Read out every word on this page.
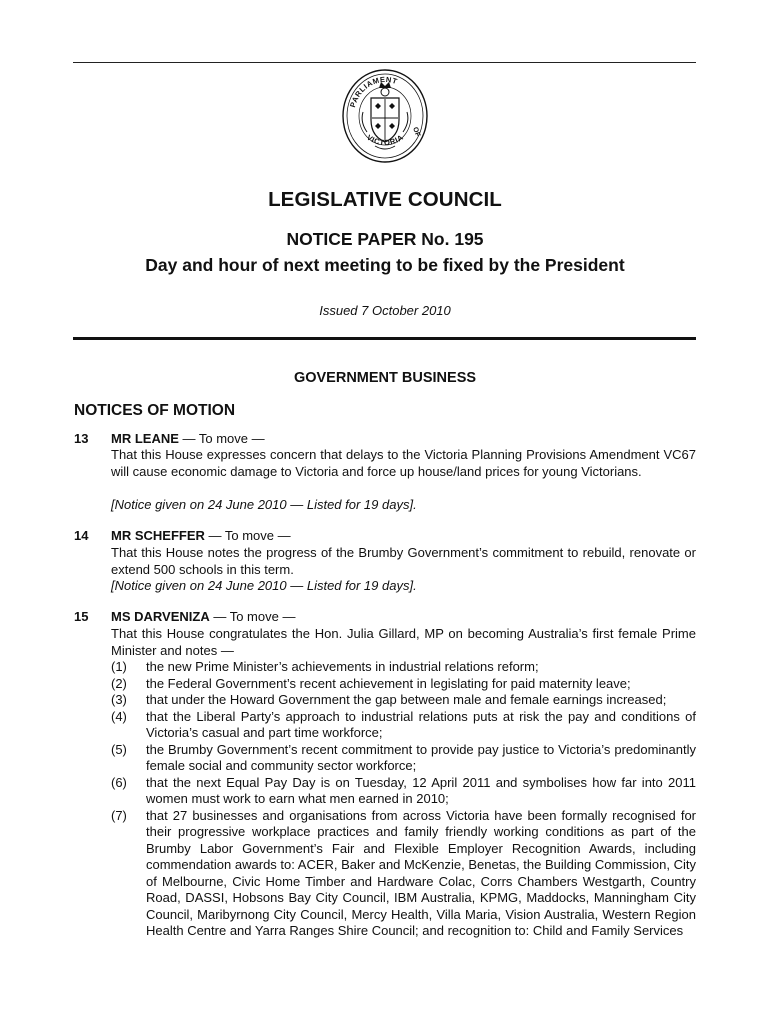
PARLIAMENT
OF
VICTORIA
LEGISLATIVE COUNCIL
NOTICE PAPER No. 195
Day and hour of next meeting to be fixed by the President
Issued 7 October 2010
GOVERNMENT BUSINESS
NOTICES OF MOTION
13 MR LEANE — To move —
That this House expresses concern that delays to the Victoria Planning Provisions Amendment VC67 will cause economic damage to Victoria and force up house/land prices for young Victorians.
[Notice given on 24 June 2010 — Listed for 19 days].
14 MR SCHEFFER — To move —
That this House notes the progress of the Brumby Government’s commitment to rebuild, renovate or extend 500 schools in this term.
[Notice given on 24 June 2010 — Listed for 19 days].
15 MS DARVENIZA — To move —
That this House congratulates the Hon. Julia Gillard, MP on becoming Australia’s first female Prime Minister and notes —
(1) the new Prime Minister’s achievements in industrial relations reform;
(2) the Federal Government’s recent achievement in legislating for paid maternity leave;
(3) that under the Howard Government the gap between male and female earnings increased;
(4) that the Liberal Party’s approach to industrial relations puts at risk the pay and conditions of Victoria’s casual and part time workforce;
(5) the Brumby Government’s recent commitment to provide pay justice to Victoria’s predominantly female social and community sector workforce;
(6) that the next Equal Pay Day is on Tuesday, 12 April 2011 and symbolises how far into 2011 women must work to earn what men earned in 2010;
(7) that 27 businesses and organisations from across Victoria have been formally recognised for their progressive workplace practices and family friendly working conditions as part of the Brumby Labor Government’s Fair and Flexible Employer Recognition Awards, including commendation awards to: ACER, Baker and McKenzie, Benetas, the Building Commission, City of Melbourne, Civic Home Timber and Hardware Colac, Corrs Chambers Westgarth, Country Road, DASSI, Hobsons Bay City Council, IBM Australia, KPMG, Maddocks, Manningham City Council, Maribyrnong City Council, Mercy Health, Villa Maria, Vision Australia, Western Region Health Centre and Yarra Ranges Shire Council; and recognition to: Child and Family Services
